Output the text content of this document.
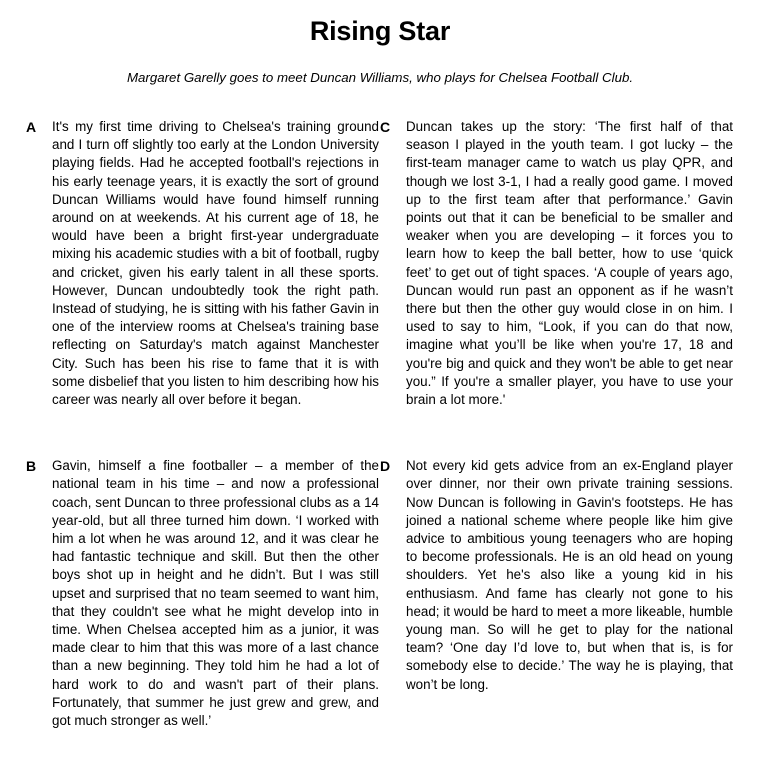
Rising Star

Margaret Garelly goes to meet Duncan Williams, who plays for Chelsea Football Club.

A	It's my first time driving to Chelsea's training ground and I turn off slightly too early at the London University playing fields. Had he accepted football's rejections in his early teenage years, it is exactly the sort of ground Duncan Williams would have found himself running around on at weekends. At his current age of 18, he would have been a bright first-year undergraduate mixing his academic studies with a bit of football, rugby and cricket, given his early talent in all these sports. However, Duncan undoubtedly took the right path. Instead of studying, he is sitting with his father Gavin in one of the interview rooms at Chelsea's training base reflecting on Saturday's match against Manchester City. Such has been his rise to fame that it is with some disbelief that you listen to him describing how his career was nearly all over before it began.

B	Gavin, himself a fine footballer – a member of the national team in his time – and now a professional coach, sent Duncan to three professional clubs as a 14 year-old, but all three turned him down. ‘I worked with him a lot when he was around 12, and it was clear he had fantastic technique and skill. But then the other boys shot up in height and he didn’t. But I was still upset and surprised that no team seemed to want him, that they couldn't see what he might develop into in time. When Chelsea accepted him as a junior, it was made clear to him that this was more of a last chance than a new beginning. They told him he had a lot of hard work to do and wasn't part of their plans. Fortunately, that summer he just grew and grew, and got much stronger as well.’

C	Duncan takes up the story: ‘The first half of that season I played in the youth team. I got lucky – the first-team manager came to watch us play QPR, and though we lost 3-1, I had a really good game. I moved up to the first team after that performance.’ Gavin points out that it can be beneficial to be smaller and weaker when you are developing – it forces you to learn how to keep the ball better, how to use ‘quick feet’ to get out of tight spaces. ‘A couple of years ago, Duncan would run past an opponent as if he wasn’t there but then the other guy would close in on him. I used to say to him, “Look, if you can do that now, imagine what you’ll be like when you're 17, 18 and you're big and quick and they won't be able to get near you.” If you're a smaller player, you have to use your brain a lot more.'

D	Not every kid gets advice from an ex-England player over dinner, nor their own private training sessions. Now Duncan is following in Gavin's footsteps. He has joined a national scheme where people like him give advice to ambitious young teenagers who are hoping to become professionals. He is an old head on young shoulders. Yet he's also like a young kid in his enthusiasm. And fame has clearly not gone to his head; it would be hard to meet a more likeable, humble young man. So will he get to play for the national team? ‘One day I’d love to, but when that is, is for somebody else to decide.’ The way he is playing, that won’t be long.
